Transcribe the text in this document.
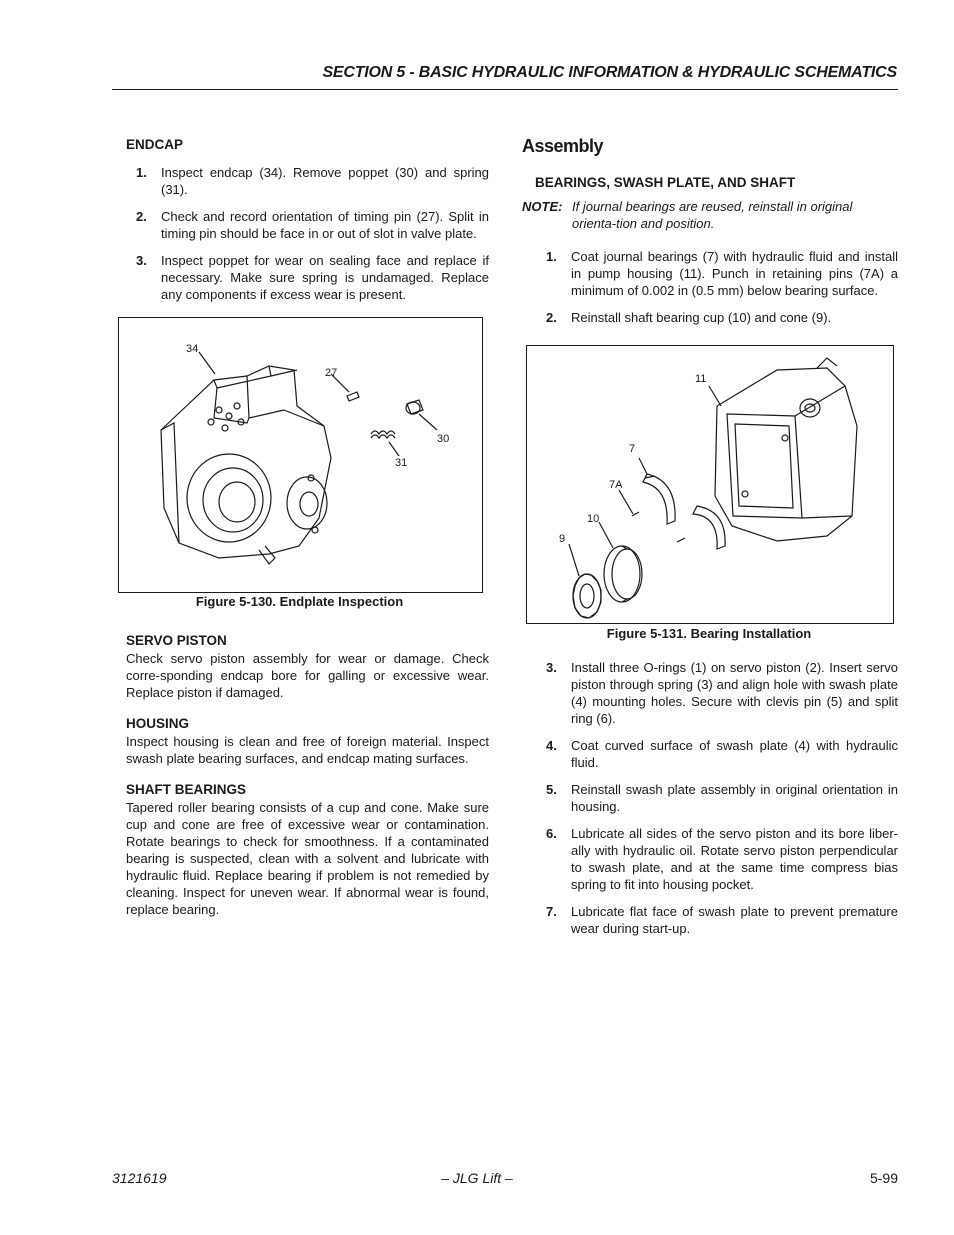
SECTION 5 - BASIC HYDRAULIC INFORMATION & HYDRAULIC SCHEMATICS
ENDCAP
1.	Inspect endcap (34). Remove poppet (30) and spring (31).
2.	Check and record orientation of timing pin (27). Split in timing pin should be face in or out of slot in valve plate.
3.	Inspect poppet for wear on sealing face and replace if necessary. Make sure spring is undamaged. Replace any components if excess wear is present.
34
27
30
31
Figure 5-130. Endplate Inspection
SERVO PISTON

Check servo piston assembly for wear or damage. Check corre-sponding endcap bore for galling or excessive wear. Replace piston if damaged.

HOUSING

Inspect housing is clean and free of foreign material. Inspect swash plate bearing surfaces, and endcap mating surfaces.

SHAFT BEARINGS

Tapered roller bearing consists of a cup and cone. Make sure cup and cone are free of excessive wear or contamination. Rotate bearings to check for smoothness. If a contaminated bearing is suspected, clean with a solvent and lubricate with hydraulic fluid. Replace bearing if problem is not remedied by cleaning. Inspect for uneven wear. If abnormal wear is found, replace bearing.

Assembly
BEARINGS, SWASH PLATE, AND SHAFT
NOTE: If journal bearings are reused, reinstall in original orienta-tion and position.
1.	Coat journal bearings (7) with hydraulic fluid and install in pump housing (11). Punch in retaining pins (7A) a minimum of 0.002 in (0.5 mm) below bearing surface.
2.	Reinstall shaft bearing cup (10) and cone (9).
11
7
7A
10
9
Figure 5-131. Bearing Installation
3.	Install three O-rings (1) on servo piston (2). Insert servo piston through spring (3) and align hole with swash plate (4) mounting holes. Secure with clevis pin (5) and split ring (6).
4.	Coat curved surface of swash plate (4) with hydraulic fluid.
5.	Reinstall swash plate assembly in original orientation in housing.
6.	Lubricate all sides of the servo piston and its bore liber-ally with hydraulic oil. Rotate servo piston perpendicular to swash plate, and at the same time compress bias spring to fit into housing pocket.
7.	Lubricate flat face of swash plate to prevent premature wear during start-up.
3121619	– JLG Lift –	5-99
